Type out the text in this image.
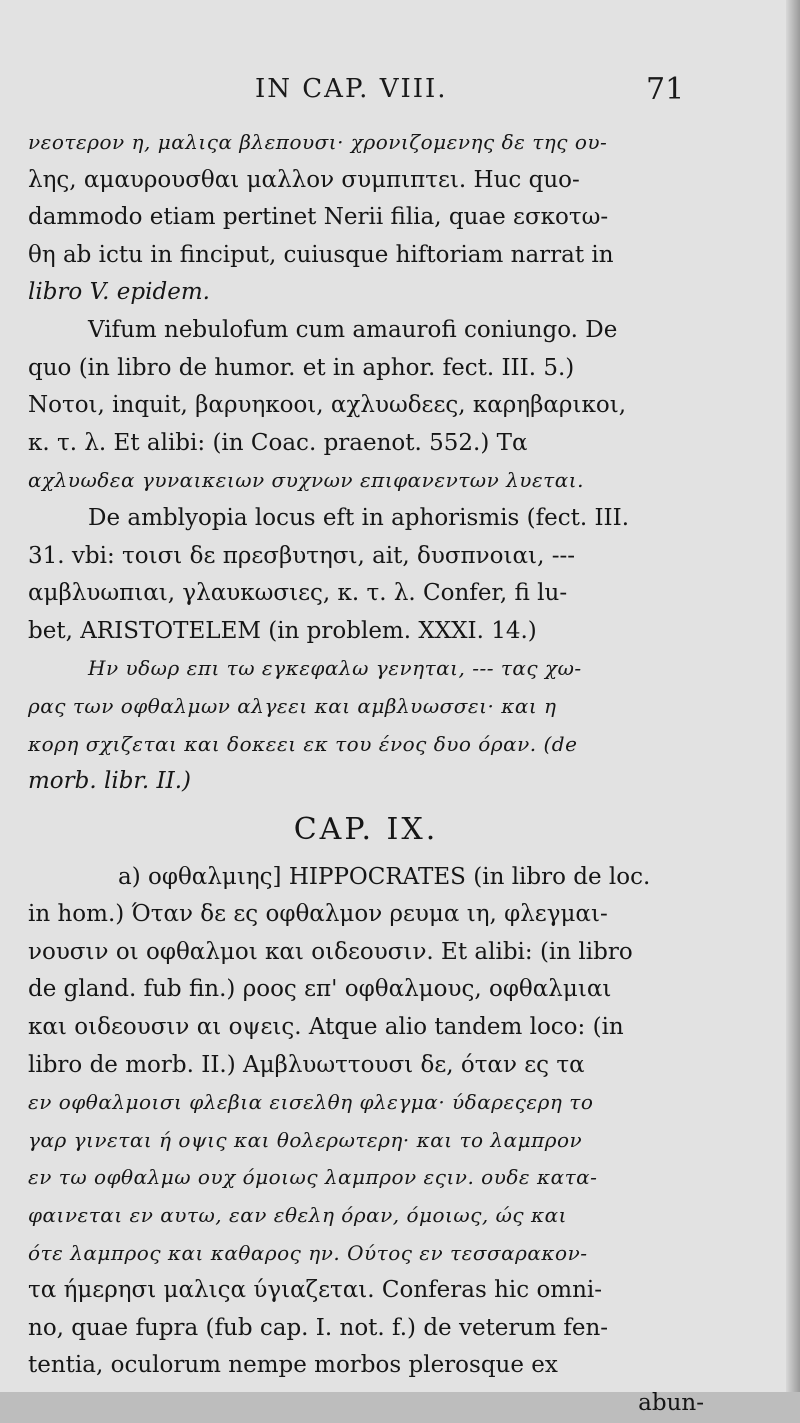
IN CAP. VIII.	71
νεοτερον η, μαλιςα βλεπουσι· χρονιζομενης δε της ου-
λης, αμαυρουσθαι μαλλον συμπιπτει. Huc quo-
dammodo etiam pertinet Nerii filia, quae εσκοτω-
θη ab ictu in finciput, cuiusque hiftoriam narrat in
libro V. epidem.
Vifum nebulofum cum amaurofi coniungo. De
quo (in libro de humor. et in aphor. fect. III. 5.)
Νοτοι, inquit, βαρυηκοοι, αχλυωδεες, καρηβαρικοι,
κ. τ. λ. Et alibi: (in Coac. praenot. 552.) Τα
αχλυωδεα γυναικειων συχνων επιφανεντων λυεται.
De amblyopia locus eft in aphorismis (fect. III.
31. vbi: τοισι δε πρεσβυτησι, ait, δυσπνοιαι, ---
αμβλυωπιαι, γλαυκωσιες, κ. τ. λ. Confer, fi lu-
bet, ARISTOTELEM (in problem. XXXI. 14.)
Ην υδωρ επι τω εγκεφαλω γενηται, --- τας χω-
ρας των οφθαλμων αλγεει και αμβλυωσσει· και η
κορη σχιζεται και δοκεει εκ του ένος δυο όραν. (de
morb. libr. II.)
CAP. IX.
a) οφθαλμιης] HIPPOCRATES (in libro de loc.
in hom.) Όταν δε ες οφθαλμον ρευμα ιη, φλεγμαι-
νουσιν οι οφθαλμοι και οιδεουσιν. Et alibi: (in libro
de gland. fub fin.) ροος επ' οφθαλμους, οφθαλμιαι
και οιδεουσιν αι οψεις. Atque alio tandem loco: (in
libro de morb. II.) Αμβλυωττουσι δε, όταν ες τα
εν οφθαλμοισι φλεβια εισελθη φλεγμα· ύδαρεςερη το
γαρ γινεται ή οψις και θολερωτερη· και το λαμπρον
εν τω οφθαλμω ουχ όμοιως λαμπρον εςιν. ουδε κατα-
φαινεται εν αυτω, εαν εθελη όραν, όμοιως, ώς και
ότε λαμπρος και καθαρος ην. Ούτος εν τεσσαρακον-
τα ήμερησι μαλιςα ύγιαζεται. Conferas hic omni-
no, quae fupra (fub cap. I. not. f.) de veterum fen-
tentia, oculorum nempe morbos plerosque ex
abun-
